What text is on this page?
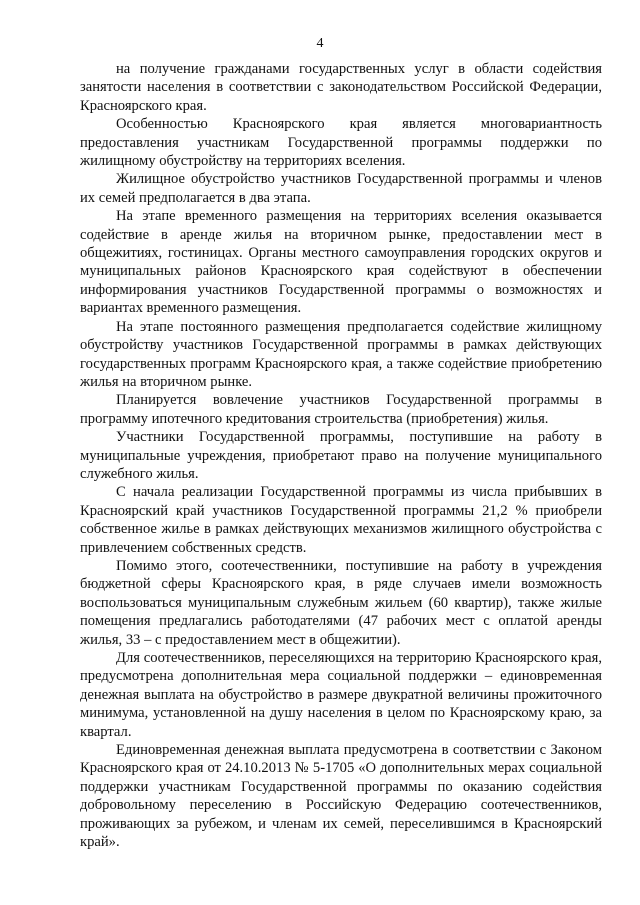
4

на получение гражданами государственных услуг в области содействия занятости населения в соответствии с законодательством Российской Федерации, Красноярского края.

Особенностью Красноярского края является многовариантность предоставления участникам Государственной программы поддержки по жилищному обустройству на территориях вселения.

Жилищное обустройство участников Государственной программы и членов их семей предполагается в два этапа.

На этапе временного размещения на территориях вселения оказывается содействие в аренде жилья на вторичном рынке, предоставлении мест в общежитиях, гостиницах. Органы местного самоуправления городских округов и муниципальных районов Красноярского края содействуют в обеспечении информирования участников Государственной программы о возможностях и вариантах временного размещения.

На этапе постоянного размещения предполагается содействие жилищному обустройству участников Государственной программы в рамках действующих государственных программ Красноярского края, а также содействие приобретению жилья на вторичном рынке.

Планируется вовлечение участников Государственной программы в программу ипотечного кредитования строительства (приобретения) жилья.

Участники Государственной программы, поступившие на работу в муниципальные учреждения, приобретают право на получение муниципального служебного жилья.

С начала реализации Государственной программы из числа прибывших в Красноярский край участников Государственной программы 21,2 % приобрели собственное жилье в рамках действующих механизмов жилищного обустройства с привлечением собственных средств.

Помимо этого, соотечественники, поступившие на работу в учреждения бюджетной сферы Красноярского края, в ряде случаев имели возможность воспользоваться муниципальным служебным жильем (60 квартир), также жилые помещения предлагались работодателями (47 рабочих мест с оплатой аренды жилья, 33 – с предоставлением мест в общежитии).

Для соотечественников, переселяющихся на территорию Красноярского края, предусмотрена дополнительная мера социальной поддержки – единовременная денежная выплата на обустройство в размере двукратной величины прожиточного минимума, установленной на душу населения в целом по Красноярскому краю, за квартал.

Единовременная денежная выплата предусмотрена в соответствии с Законом Красноярского края от 24.10.2013 № 5-1705 «О дополнительных мерах социальной поддержки участникам Государственной программы по оказанию содействия добровольному переселению в Российскую Федерацию соотечественников, проживающих за рубежом, и членам их семей, переселившимся в Красноярский край».
